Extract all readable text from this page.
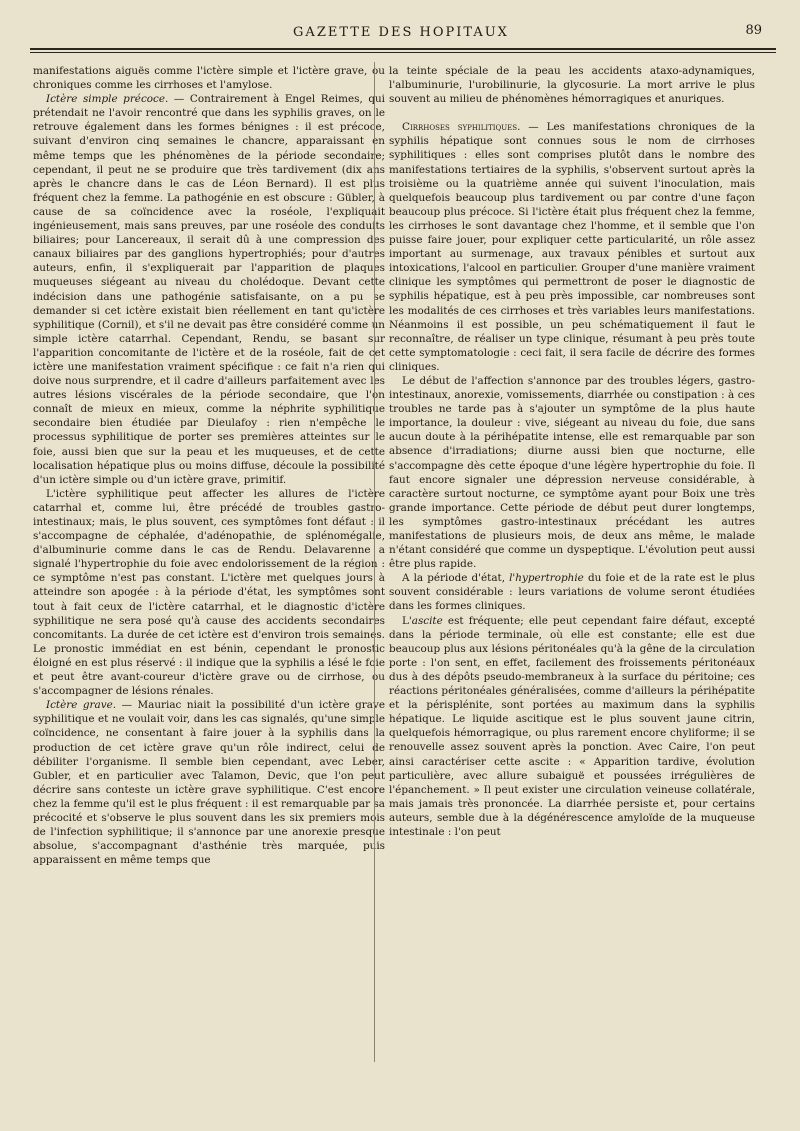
GAZETTE DES HOPITAUX	89

manifestations aiguës comme l'ictère simple et l'ictère grave, ou chroniques comme les cirrhoses et l'amylose.

Ictère simple précoce. — Contrairement à Engel Reimes, qui prétendait ne l'avoir rencontré que dans les syphilis graves, on le retrouve également dans les formes bénignes : il est précoce, suivant d'environ cinq semaines le chancre, apparaissant en même temps que les phénomènes de la période secondaire; cependant, il peut ne se produire que très tardivement (dix ans après le chancre dans le cas de Léon Bernard). Il est plus fréquent chez la femme. La pathogénie en est obscure : Gübler, à cause de sa coïncidence avec la roséole, l'expliquait ingénieusement, mais sans preuves, par une roséole des conduits biliaires; pour Lancereaux, il serait dû à une compression des canaux biliaires par des ganglions hypertrophiés; pour d'autres auteurs, enfin, il s'expliquerait par l'apparition de plaques muqueuses siégeant au niveau du cholédoque. Devant cette indécision dans une pathogénie satisfaisante, on a pu se demander si cet ictère existait bien réellement en tant qu'ictère syphilitique (Cornil), et s'il ne devait pas être considéré comme un simple ictère catarrhal. Cependant, Rendu, se basant sur l'apparition concomitante de l'ictère et de la roséole, fait de cet ictère une manifestation vraiment spécifique : ce fait n'a rien qui doive nous surprendre, et il cadre d'ailleurs parfaitement avec les autres lésions viscérales de la période secondaire, que l'on connaît de mieux en mieux, comme la néphrite syphilitique secondaire bien étudiée par Dieulafoy : rien n'empêche le processus syphilitique de porter ses premières atteintes sur le foie, aussi bien que sur la peau et les muqueuses, et de cette localisation hépatique plus ou moins diffuse, découle la possibilité d'un ictère simple ou d'un ictère grave, primitif.

L'ictère syphilitique peut affecter les allures de l'ictère catarrhal et, comme lui, être précédé de troubles gastro-intestinaux; mais, le plus souvent, ces symptômes font défaut : il s'accompagne de céphalée, d'adénopathie, de splénomégalie, d'albuminurie comme dans le cas de Rendu. Delavarenne a signalé l'hypertrophie du foie avec endolorissement de la région : ce symptôme n'est pas constant. L'ictère met quelques jours à atteindre son apogée : à la période d'état, les symptômes sont tout à fait ceux de l'ictère catarrhal, et le diagnostic d'ictère syphilitique ne sera posé qu'à cause des accidents secondaires concomitants. La durée de cet ictère est d'environ trois semaines. Le pronostic immédiat en est bénin, cependant le pronostic éloigné en est plus réservé : il indique que la syphilis a lésé le foie et peut être avant-coureur d'ictère grave ou de cirrhose, ou s'accompagner de lésions rénales.

Ictère grave. — Mauriac niait la possibilité d'un ictère grave syphilitique et ne voulait voir, dans les cas signalés, qu'une simple coïncidence, ne consentant à faire jouer à la syphilis dans la production de cet ictère grave qu'un rôle indirect, celui de débiliter l'organisme. Il semble bien cependant, avec Leber, Gubler, et en particulier avec Talamon, Devic, que l'on peut décrire sans conteste un ictère grave syphilitique. C'est encore chez la femme qu'il est le plus fréquent : il est remarquable par sa précocité et s'observe le plus souvent dans les six premiers mois de l'infection syphilitique; il s'annonce par une anorexie presque absolue, s'accompagnant d'asthénie très marquée, puis apparaissent en même temps que

la teinte spéciale de la peau les accidents ataxo-adynamiques, l'albuminurie, l'urobilinurie, la glycosurie. La mort arrive le plus souvent au milieu de phénomènes hémorragiques et anuriques.

Cirrhoses syphilitiques. — Les manifestations chroniques de la syphilis hépatique sont connues sous le nom de cirrhoses syphilitiques : elles sont comprises plutôt dans le nombre des manifestations tertiaires de la syphilis, s'observent surtout après la troisième ou la quatrième année qui suivent l'inoculation, mais quelquefois beaucoup plus tardivement ou par contre d'une façon beaucoup plus précoce. Si l'ictère était plus fréquent chez la femme, les cirrhoses le sont davantage chez l'homme, et il semble que l'on puisse faire jouer, pour expliquer cette particularité, un rôle assez important au surmenage, aux travaux pénibles et surtout aux intoxications, l'alcool en particulier. Grouper d'une manière vraiment clinique les symptômes qui permettront de poser le diagnostic de syphilis hépatique, est à peu près impossible, car nombreuses sont les modalités de ces cirrhoses et très variables leurs manifestations. Néanmoins il est possible, un peu schématiquement il faut le reconnaître, de réaliser un type clinique, résumant à peu près toute cette symptomatologie : ceci fait, il sera facile de décrire des formes cliniques.

Le début de l'affection s'annonce par des troubles légers, gastro-intestinaux, anorexie, vomissements, diarrhée ou constipation : à ces troubles ne tarde pas à s'ajouter un symptôme de la plus haute importance, la douleur : vive, siégeant au niveau du foie, due sans aucun doute à la périhépatite intense, elle est remarquable par son absence d'irradiations; diurne aussi bien que nocturne, elle s'accompagne dès cette époque d'une légère hypertrophie du foie. Il faut encore signaler une dépression nerveuse considérable, à caractère surtout nocturne, ce symptôme ayant pour Boix une très grande importance. Cette période de début peut durer longtemps, les symptômes gastro-intestinaux précédant les autres manifestations de plusieurs mois, de deux ans même, le malade n'étant considéré que comme un dyspeptique. L'évolution peut aussi être plus rapide.

A la période d'état, l'hypertrophie du foie et de la rate est le plus souvent considérable : leurs variations de volume seront étudiées dans les formes cliniques.

L'ascite est fréquente; elle peut cependant faire défaut, excepté dans la période terminale, où elle est constante; elle est due beaucoup plus aux lésions péritonéales qu'à la gêne de la circulation porte : l'on sent, en effet, facilement des froissements péritonéaux dus à des dépôts pseudo-membraneux à la surface du péritoine; ces réactions péritonéales généralisées, comme d'ailleurs la périhépatite et la périsplénite, sont portées au maximum dans la syphilis hépatique. Le liquide ascitique est le plus souvent jaune citrin, quelquefois hémorragique, ou plus rarement encore chyliforme; il se renouvelle assez souvent après la ponction. Avec Caire, l'on peut ainsi caractériser cette ascite : « Apparition tardive, évolution particulière, avec allure subaiguë et poussées irrégulières de l'épanchement. » Il peut exister une circulation veineuse collatérale, mais jamais très prononcée. La diarrhée persiste et, pour certains auteurs, semble due à la dégénérescence amyloïde de la muqueuse intestinale : l'on peut
